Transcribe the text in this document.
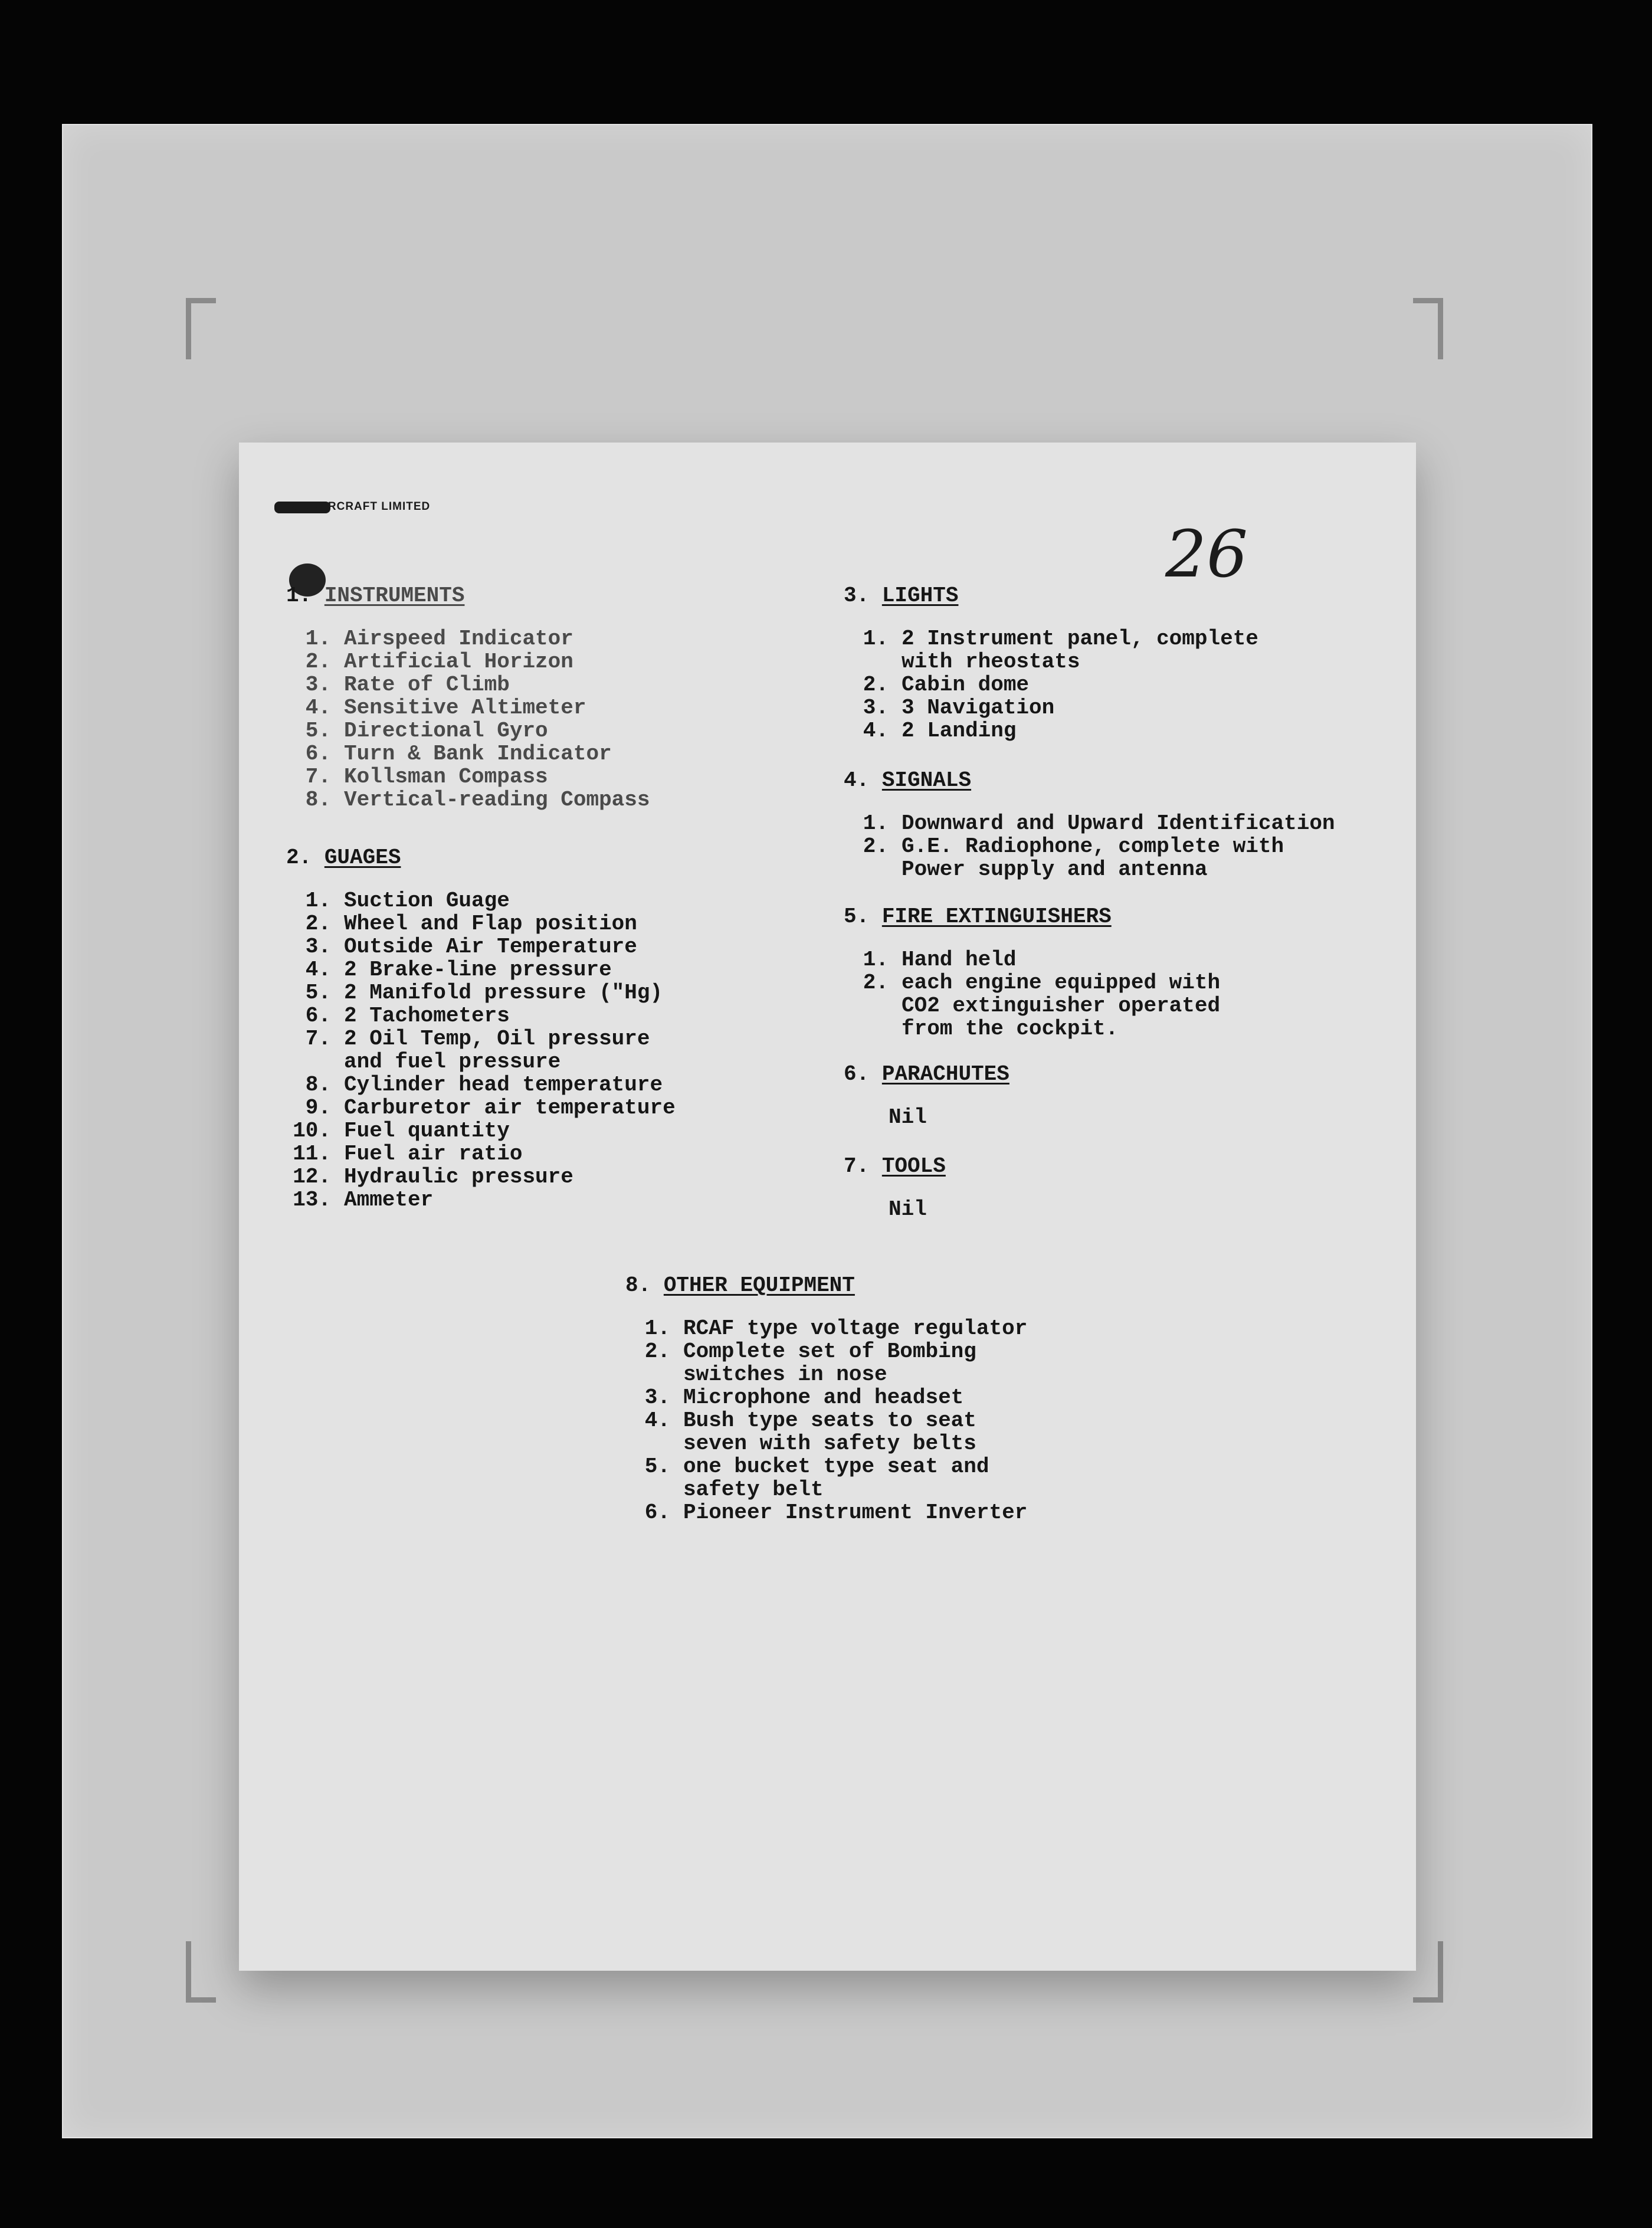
TRAL AIRCRAFT LIMITED
26
1. INSTRUMENTS
1. Airspeed Indicator
2. Artificial Horizon
3. Rate of Climb
4. Sensitive Altimeter
5. Directional Gyro
6. Turn & Bank Indicator
7. Kollsman Compass
8. Vertical-reading Compass
2. GUAGES
1. Suction Guage
2. Wheel and Flap position
3. Outside Air Temperature
4. 2 Brake-line pressure
5. 2 Manifold pressure ("Hg)
6. 2 Tachometers
7. 2 Oil Temp, Oil pressure
and fuel pressure
8. Cylinder head temperature
9. Carburetor air temperature
10. Fuel quantity
11. Fuel air ratio
12. Hydraulic pressure
13. Ammeter
3. LIGHTS
1. 2 Instrument panel, complete
with rheostats
2. Cabin dome
3. 3 Navigation
4. 2 Landing
4. SIGNALS
1. Downward and Upward Identification
2. G.E. Radiophone, complete with
Power supply and antenna
5. FIRE EXTINGUISHERS
1. Hand held
2. each engine equipped with
CO2 extinguisher operated
from the cockpit.
6. PARACHUTES
Nil
7. TOOLS
Nil
8. OTHER EQUIPMENT
1. RCAF type voltage regulator
2. Complete set of Bombing
switches in nose
3. Microphone and headset
4. Bush type seats to seat
seven with safety belts
5. one bucket type seat and
safety belt
6. Pioneer Instrument Inverter
